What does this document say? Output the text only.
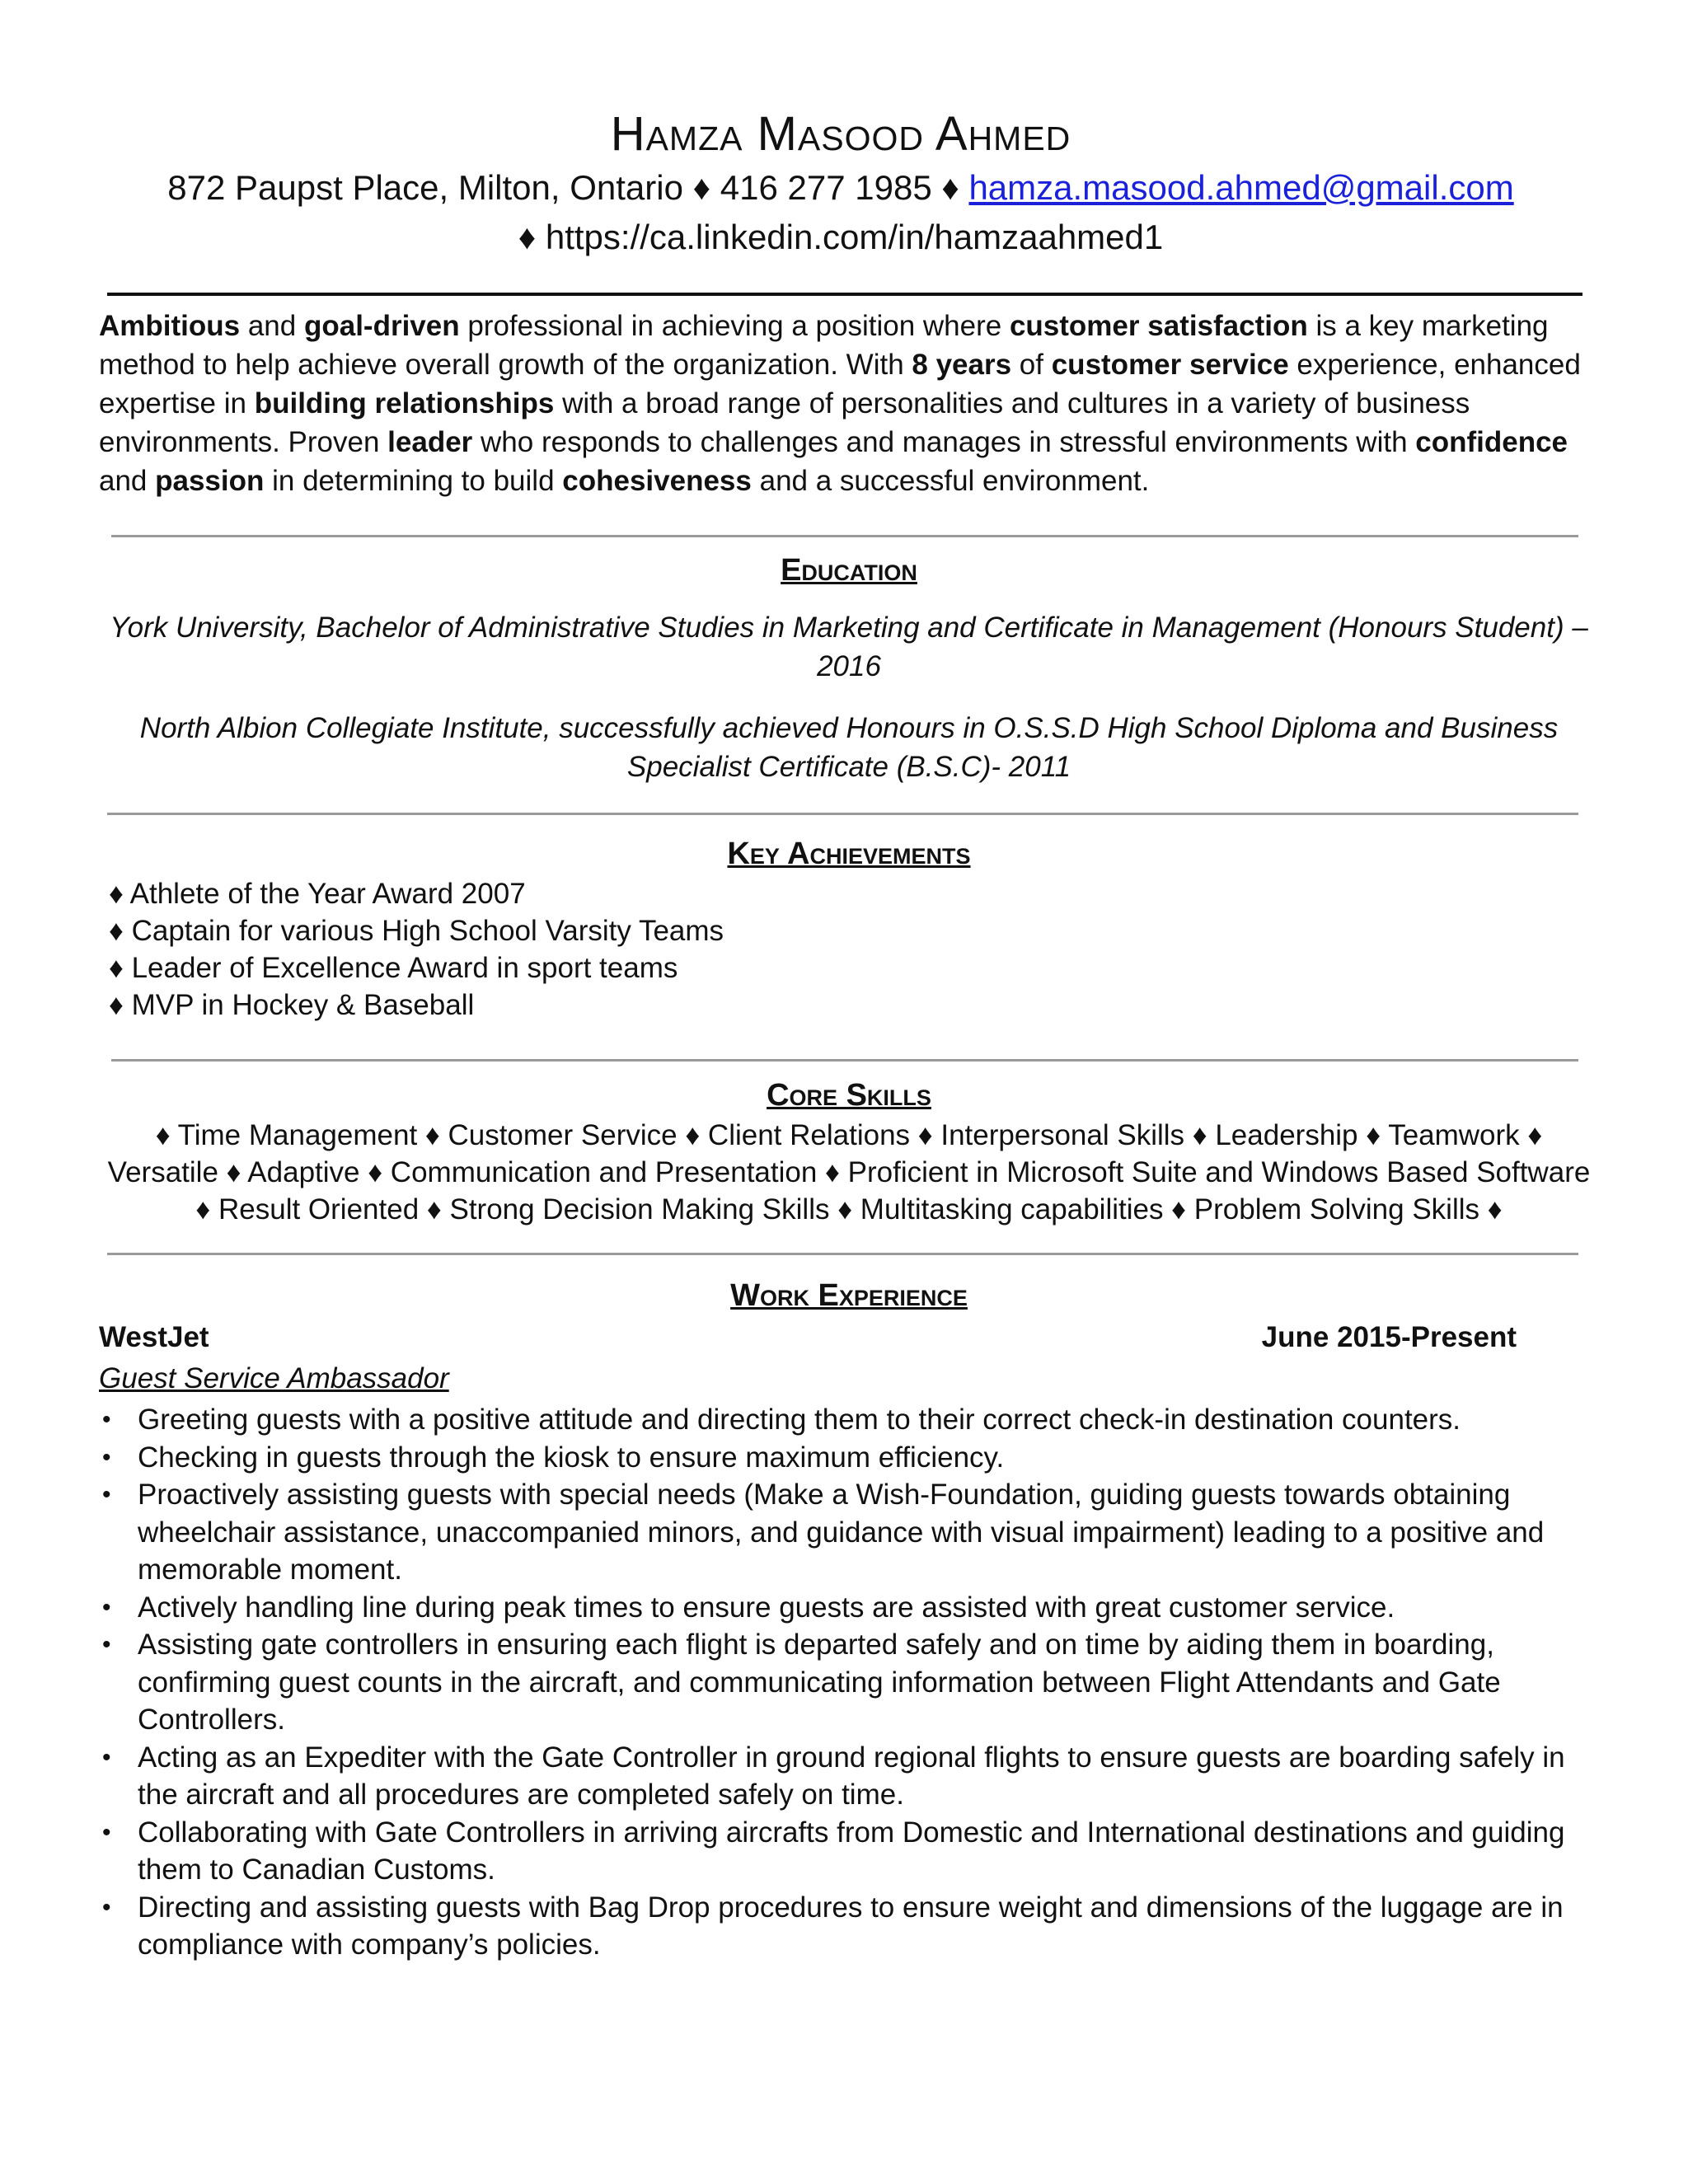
Hamza Masood Ahmed

872 Paupst Place, Milton, Ontario ♦ 416 277 1985 ♦ hamza.masood.ahmed@gmail.com

♦ https://ca.linkedin.com/in/hamzaahmed1

Ambitious and goal-driven professional in achieving a position where customer satisfaction is a key marketing method to help achieve overall growth of the organization. With 8 years of customer service experience, enhanced expertise in building relationships with a broad range of personalities and cultures in a variety of business environments. Proven leader who responds to challenges and manages in stressful environments with confidence and passion in determining to build cohesiveness and a successful environment.

Education

York University, Bachelor of Administrative Studies in Marketing and Certificate in Management (Honours Student) – 2016

North Albion Collegiate Institute, successfully achieved Honours in O.S.S.D High School Diploma and Business Specialist Certificate (B.S.C)- 2011

Key Achievements
♦ Athlete of the Year Award 2007
♦ Captain for various High School Varsity Teams
♦ Leader of Excellence Award in sport teams
♦ MVP in Hockey & Baseball
Core Skills

♦ Time Management ♦ Customer Service ♦ Client Relations ♦ Interpersonal Skills ♦ Leadership ♦ Teamwork ♦ Versatile ♦ Adaptive ♦ Communication and Presentation ♦ Proficient in Microsoft Suite and Windows Based Software ♦ Result Oriented ♦ Strong Decision Making Skills ♦ Multitasking capabilities ♦ Problem Solving Skills ♦

Work Experience

WestJet	June 2015-Present

Guest Service Ambassador

• Greeting guests with a positive attitude and directing them to their correct check-in destination counters.
• Checking in guests through the kiosk to ensure maximum efficiency.
• Proactively assisting guests with special needs (Make a Wish-Foundation, guiding guests towards obtaining wheelchair assistance, unaccompanied minors, and guidance with visual impairment) leading to a positive and memorable moment.
• Actively handling line during peak times to ensure guests are assisted with great customer service.
• Assisting gate controllers in ensuring each flight is departed safely and on time by aiding them in boarding, confirming guest counts in the aircraft, and communicating information between Flight Attendants and Gate Controllers.
• Acting as an Expediter with the Gate Controller in ground regional flights to ensure guests are boarding safely in the aircraft and all procedures are completed safely on time.
• Collaborating with Gate Controllers in arriving aircrafts from Domestic and International destinations and guiding them to Canadian Customs.
• Directing and assisting guests with Bag Drop procedures to ensure weight and dimensions of the luggage are in compliance with company’s policies.
